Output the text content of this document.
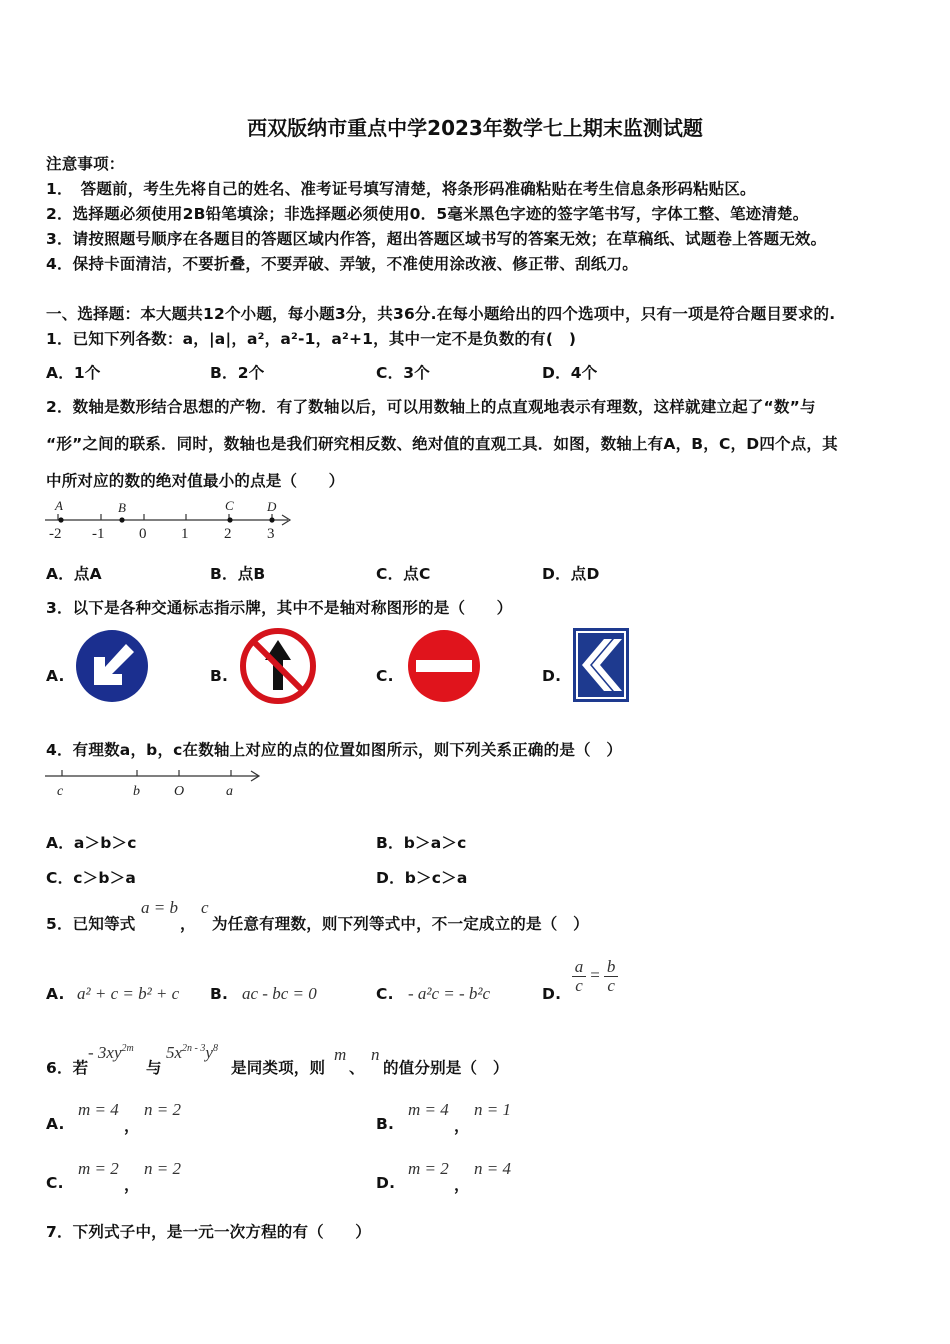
西双版纳市重点中学2023年数学七上期末监测试题
注意事项：
1．　答题前，考生先将自己的姓名、准考证号填写清楚，将条形码准确粘贴在考生信息条形码粘贴区。
2．选择题必须使用2B铅笔填涂；非选择题必须使用0．5毫米黑色字迹的签字笔书写，字体工整、笔迹清楚。
3．请按照题号顺序在各题目的答题区域内作答，超出答题区域书写的答案无效；在草稿纸、试题卷上答题无效。
4．保持卡面清洁，不要折叠，不要弄破、弄皱，不准使用涂改液、修正带、刮纸刀。
一、选择题：本大题共12个小题，每小题3分，共36分.在每小题给出的四个选项中，只有一项是符合题目要求的.
1．已知下列各数：a，|a|，a²，a²-1，a²+1，其中一定不是负数的有(　)
A．1个	B．2个	C．3个	D．4个
2．数轴是数形结合思想的产物．有了数轴以后，可以用数轴上的点直观地表示有理数，这样就建立起了“数”与
“形”之间的联系．同时，数轴也是我们研究相反数、绝对值的直观工具．如图，数轴上有A，B，C，D四个点，其
中所对应的数的绝对值最小的点是（　　）
A	B	C	D
-2 -1 0 1 2 3
A．点A	B．点B	C．点C	D．点D
3．以下是各种交通标志指示牌，其中不是轴对称图形的是（　　）
A.	B.	C.	D.
4．有理数a，b，c在数轴上对应的点的位置如图所示，则下列关系正确的是（　）
c	b O	a
A．a＞b＞c	B．b＞a＞c
C．c＞b＞a	D．b＞c＞a
5．已知等式
a = b
，
c
为任意有理数，则下列等式中，不一定成立的是（　）
A. a² + c = b² + c B. ac - bc = 0	C. - a²c = - b²c	D. $\frac{a}{c} = \frac{b}{c}$
6．若
- $3xy^{2m}$
与
$5x^{2n - 3}y^8$
是同类项，则
m
、
n
的值分别是（　）
A.
m = 4
，
n = 2
B.
m = 4
，
n = 1
C.
m = 2
，
n = 2
D.
m = 2
，
n = 4
7．下列式子中，是一元一次方程的有（　　）
